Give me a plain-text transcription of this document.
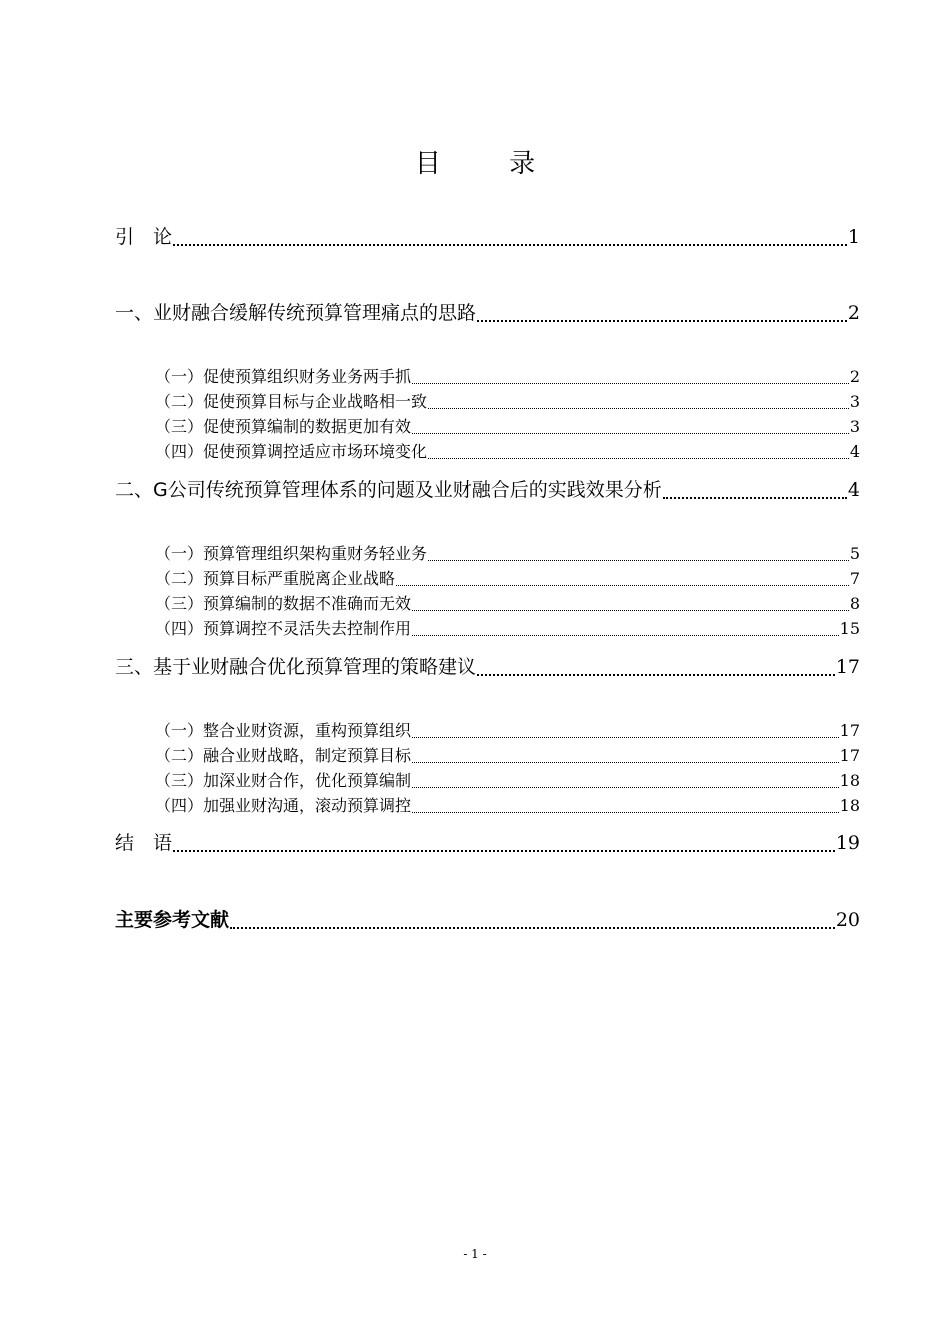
目 录
引　论	1
一、业财融合缓解传统预算管理痛点的思路	2
（一）促使预算组织财务业务两手抓	2
（二）促使预算目标与企业战略相一致	3
（三）促使预算编制的数据更加有效	3
（四）促使预算调控适应市场环境变化	4
二、G公司传统预算管理体系的问题及业财融合后的实践效果分析	4
（一）预算管理组织架构重财务轻业务	5
（二）预算目标严重脱离企业战略	7
（三）预算编制的数据不准确而无效	8
（四）预算调控不灵活失去控制作用	15
三、基于业财融合优化预算管理的策略建议	17
（一）整合业财资源，重构预算组织	17
（二）融合业财战略，制定预算目标	17
（三）加深业财合作，优化预算编制	18
（四）加强业财沟通，滚动预算调控	18
结　语	19
主要参考文献	20
- 1 -
